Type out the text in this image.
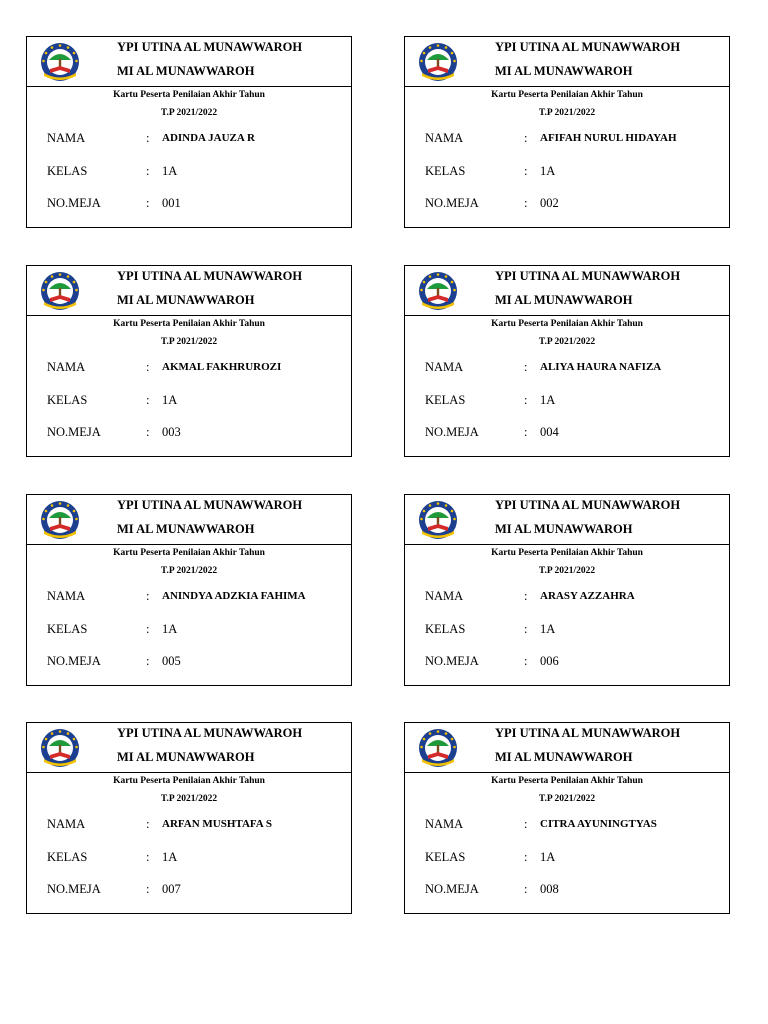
YPI UTINA AL MUNAWWAROH
MI AL MUNAWWAROH
Kartu Peserta Penilaian Akhir Tahun
T.P 2021/2022
NAMA	: ADINDA JAUZA R
KELAS	: 1A
NO.MEJA	: 001
YPI UTINA AL MUNAWWAROH
MI AL MUNAWWAROH
Kartu Peserta Penilaian Akhir Tahun
T.P 2021/2022
NAMA	: AFIFAH NURUL HIDAYAH
KELAS	: 1A
NO.MEJA	: 002
YPI UTINA AL MUNAWWAROH
MI AL MUNAWWAROH
Kartu Peserta Penilaian Akhir Tahun
T.P 2021/2022
NAMA	: AKMAL FAKHRUROZI
KELAS	: 1A
NO.MEJA	: 003
YPI UTINA AL MUNAWWAROH
MI AL MUNAWWAROH
Kartu Peserta Penilaian Akhir Tahun
T.P 2021/2022
NAMA	: ALIYA HAURA NAFIZA
KELAS	: 1A
NO.MEJA	: 004
YPI UTINA AL MUNAWWAROH
MI AL MUNAWWAROH
Kartu Peserta Penilaian Akhir Tahun
T.P 2021/2022
NAMA	: ANINDYA ADZKIA FAHIMA
KELAS	: 1A
NO.MEJA	: 005
YPI UTINA AL MUNAWWAROH
MI AL MUNAWWAROH
Kartu Peserta Penilaian Akhir Tahun
T.P 2021/2022
NAMA	: ARASY AZZAHRA
KELAS	: 1A
NO.MEJA	: 006
YPI UTINA AL MUNAWWAROH
MI AL MUNAWWAROH
Kartu Peserta Penilaian Akhir Tahun
T.P 2021/2022
NAMA	: ARFAN MUSHTAFA S
KELAS	: 1A
NO.MEJA	: 007
YPI UTINA AL MUNAWWAROH
MI AL MUNAWWAROH
Kartu Peserta Penilaian Akhir Tahun
T.P 2021/2022
NAMA	: CITRA AYUNINGTYAS
KELAS	: 1A
NO.MEJA	: 008
